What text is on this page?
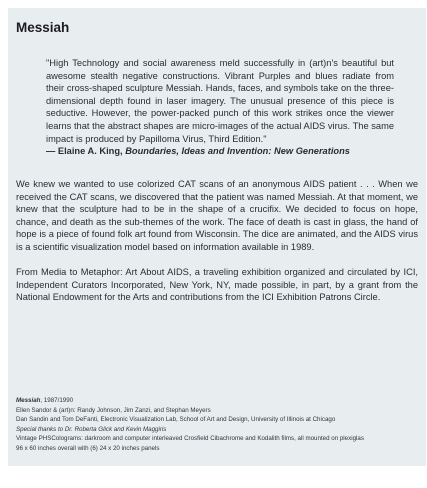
Messiah
"High Technology and social awareness meld successfully in (art)n's beautiful but awesome stealth negative constructions. Vibrant Purples and blues radiate from their cross-shaped sculpture Messiah. Hands, faces, and symbols take on the three-dimensional depth found in laser imagery. The unusual presence of this piece is seductive. However, the power-packed punch of this work strikes once the viewer learns that the abstract shapes are micro-images of the actual AIDS virus. The same impact is produced by Papilloma Virus, Third Edition."
— Elaine A. King, Boundaries, Ideas and Invention: New Generations
We knew we wanted to use colorized CAT scans of an anonymous AIDS patient . . . When we received the CAT scans, we discovered that the patient was named Messiah. At that moment, we knew that the sculpture had to be in the shape of a crucifix. We decided to focus on hope, chance, and death as the sub-themes of the work. The face of death is cast in glass, the hand of hope is a piece of found folk art found from Wisconsin. The dice are animated, and the AIDS virus is a scientific visualization model based on information available in 1989.
From Media to Metaphor: Art About AIDS, a traveling exhibition organized and circulated by ICI, Independent Curators Incorporated, New York, NY, made possible, in part, by a grant from the National Endowment for the Arts and contributions from the ICI Exhibition Patrons Circle.
Messiah, 1987/1990
Ellen Sandor & (art)n: Randy Johnson, Jim Zanzi, and Stephan Meyers
Dan Sandin and Tom DeFanti, Electronic Visualization Lab, School of Art and Design, University of Illinois at Chicago
Special thanks to Dr. Roberta Glick and Kevin Maggiris
Vintage PHSColograms: darkroom and computer interleaved Crosfield Cibachrome and Kodalith films, all mounted on plexiglas
96 x 60 inches overall with (6) 24 x 20 inches panels
